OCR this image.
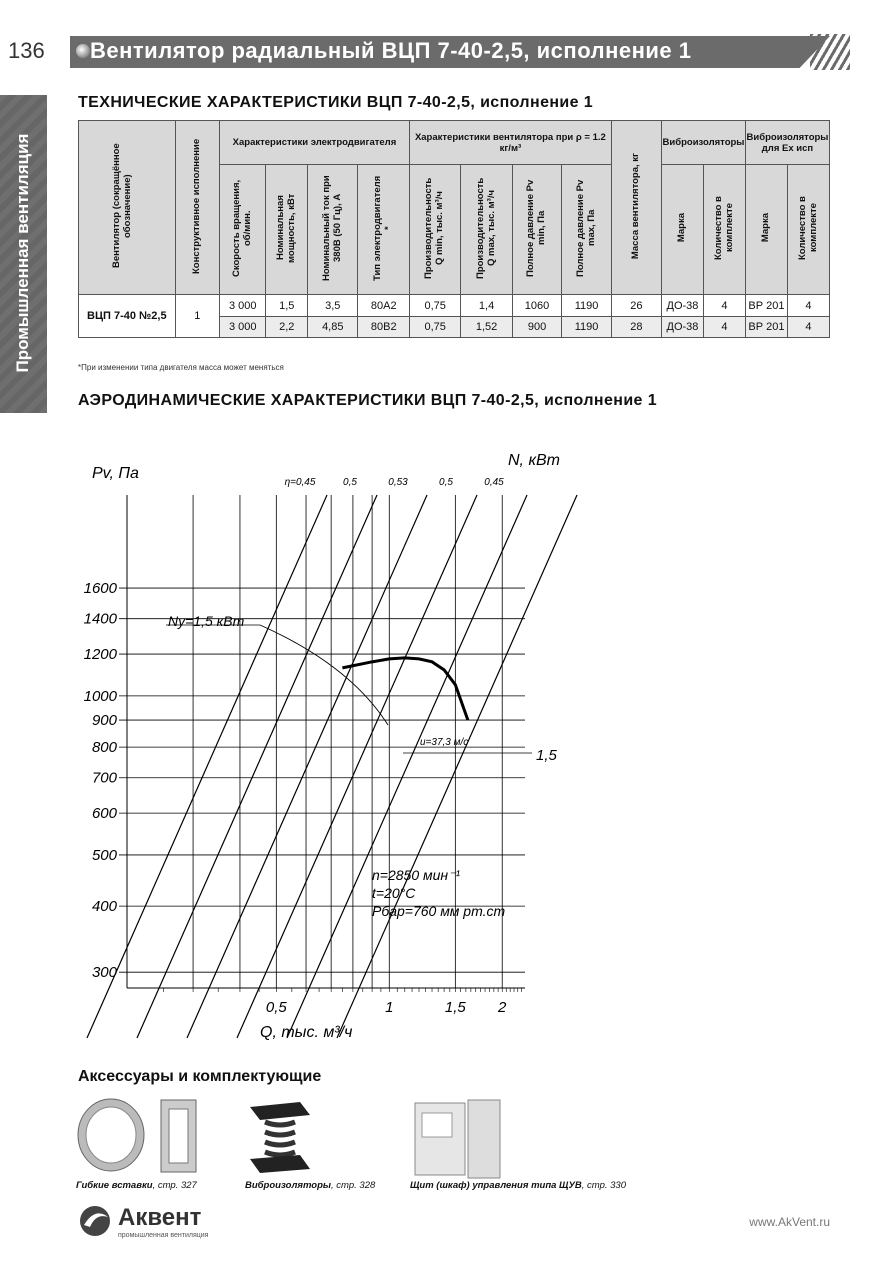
136 Вентилятор радиальный ВЦП 7-40-2,5, исполнение 1
Промышленная вентиляция
ТЕХНИЧЕСКИЕ ХАРАКТЕРИСТИКИ ВЦП 7-40-2,5, исполнение 1
Вентилятор (сокращённое обозначение)	Конструктивное исполнение	Характеристики электродвигателя				Характеристики вентилятора при ρ = 1.2 кг/м³				Масса вентилятора, кг	Виброизоляторы		Виброизоляторы для Ex исп	
		Скорость вращения, об/мин.	Номинальная мощность, кВт	Номинальный ток при 380В (50 Гц), А	Тип электродвигателя *	Производительность Q min, тыс. м³/ч	Производительность Q max, тыс. м³/ч	Полное давление Pv min, Па	Полное давление Pv max, Па		Марка	Количество в комплекте	Марка	Количество в комплекте
ВЦП 7-40 №2,5	1	3 000	1,5	3,5	80A2	0,75	1,4	1060	1190	26	ДО-38	4	ВР 201	4
		3 000	2,2	4,85	80B2	0,75	1,52	900	1190	28	ДО-38	4	ВР 201	4
*При изменении типа двигателя масса может меняться
АЭРОДИНАМИЧЕСКИЕ ХАРАКТЕРИСТИКИ ВЦП 7-40-2,5, исполнение 1
η=0,45	0,5	0,53	0,5	0,45
Pv, Па
N, кВт
Nу=1,5 кВт
u=37,3 м/с
1,5
n=2850 мин⁻¹
t=20°C
Рбар=760 мм рт.ст
Q, тыс. м³/ч
300
400
500
600
700
800
900
1000
1200
1400
1600
0,5	1	1,5 2
Аксессуары и комплектующие
Гибкие вставки, стр. 327	Виброизоляторы, стр. 328	Щит (шкаф) управления типа ЩУВ, стр. 330
Аквент
промышленная вентиляция
www.AkVent.ru
